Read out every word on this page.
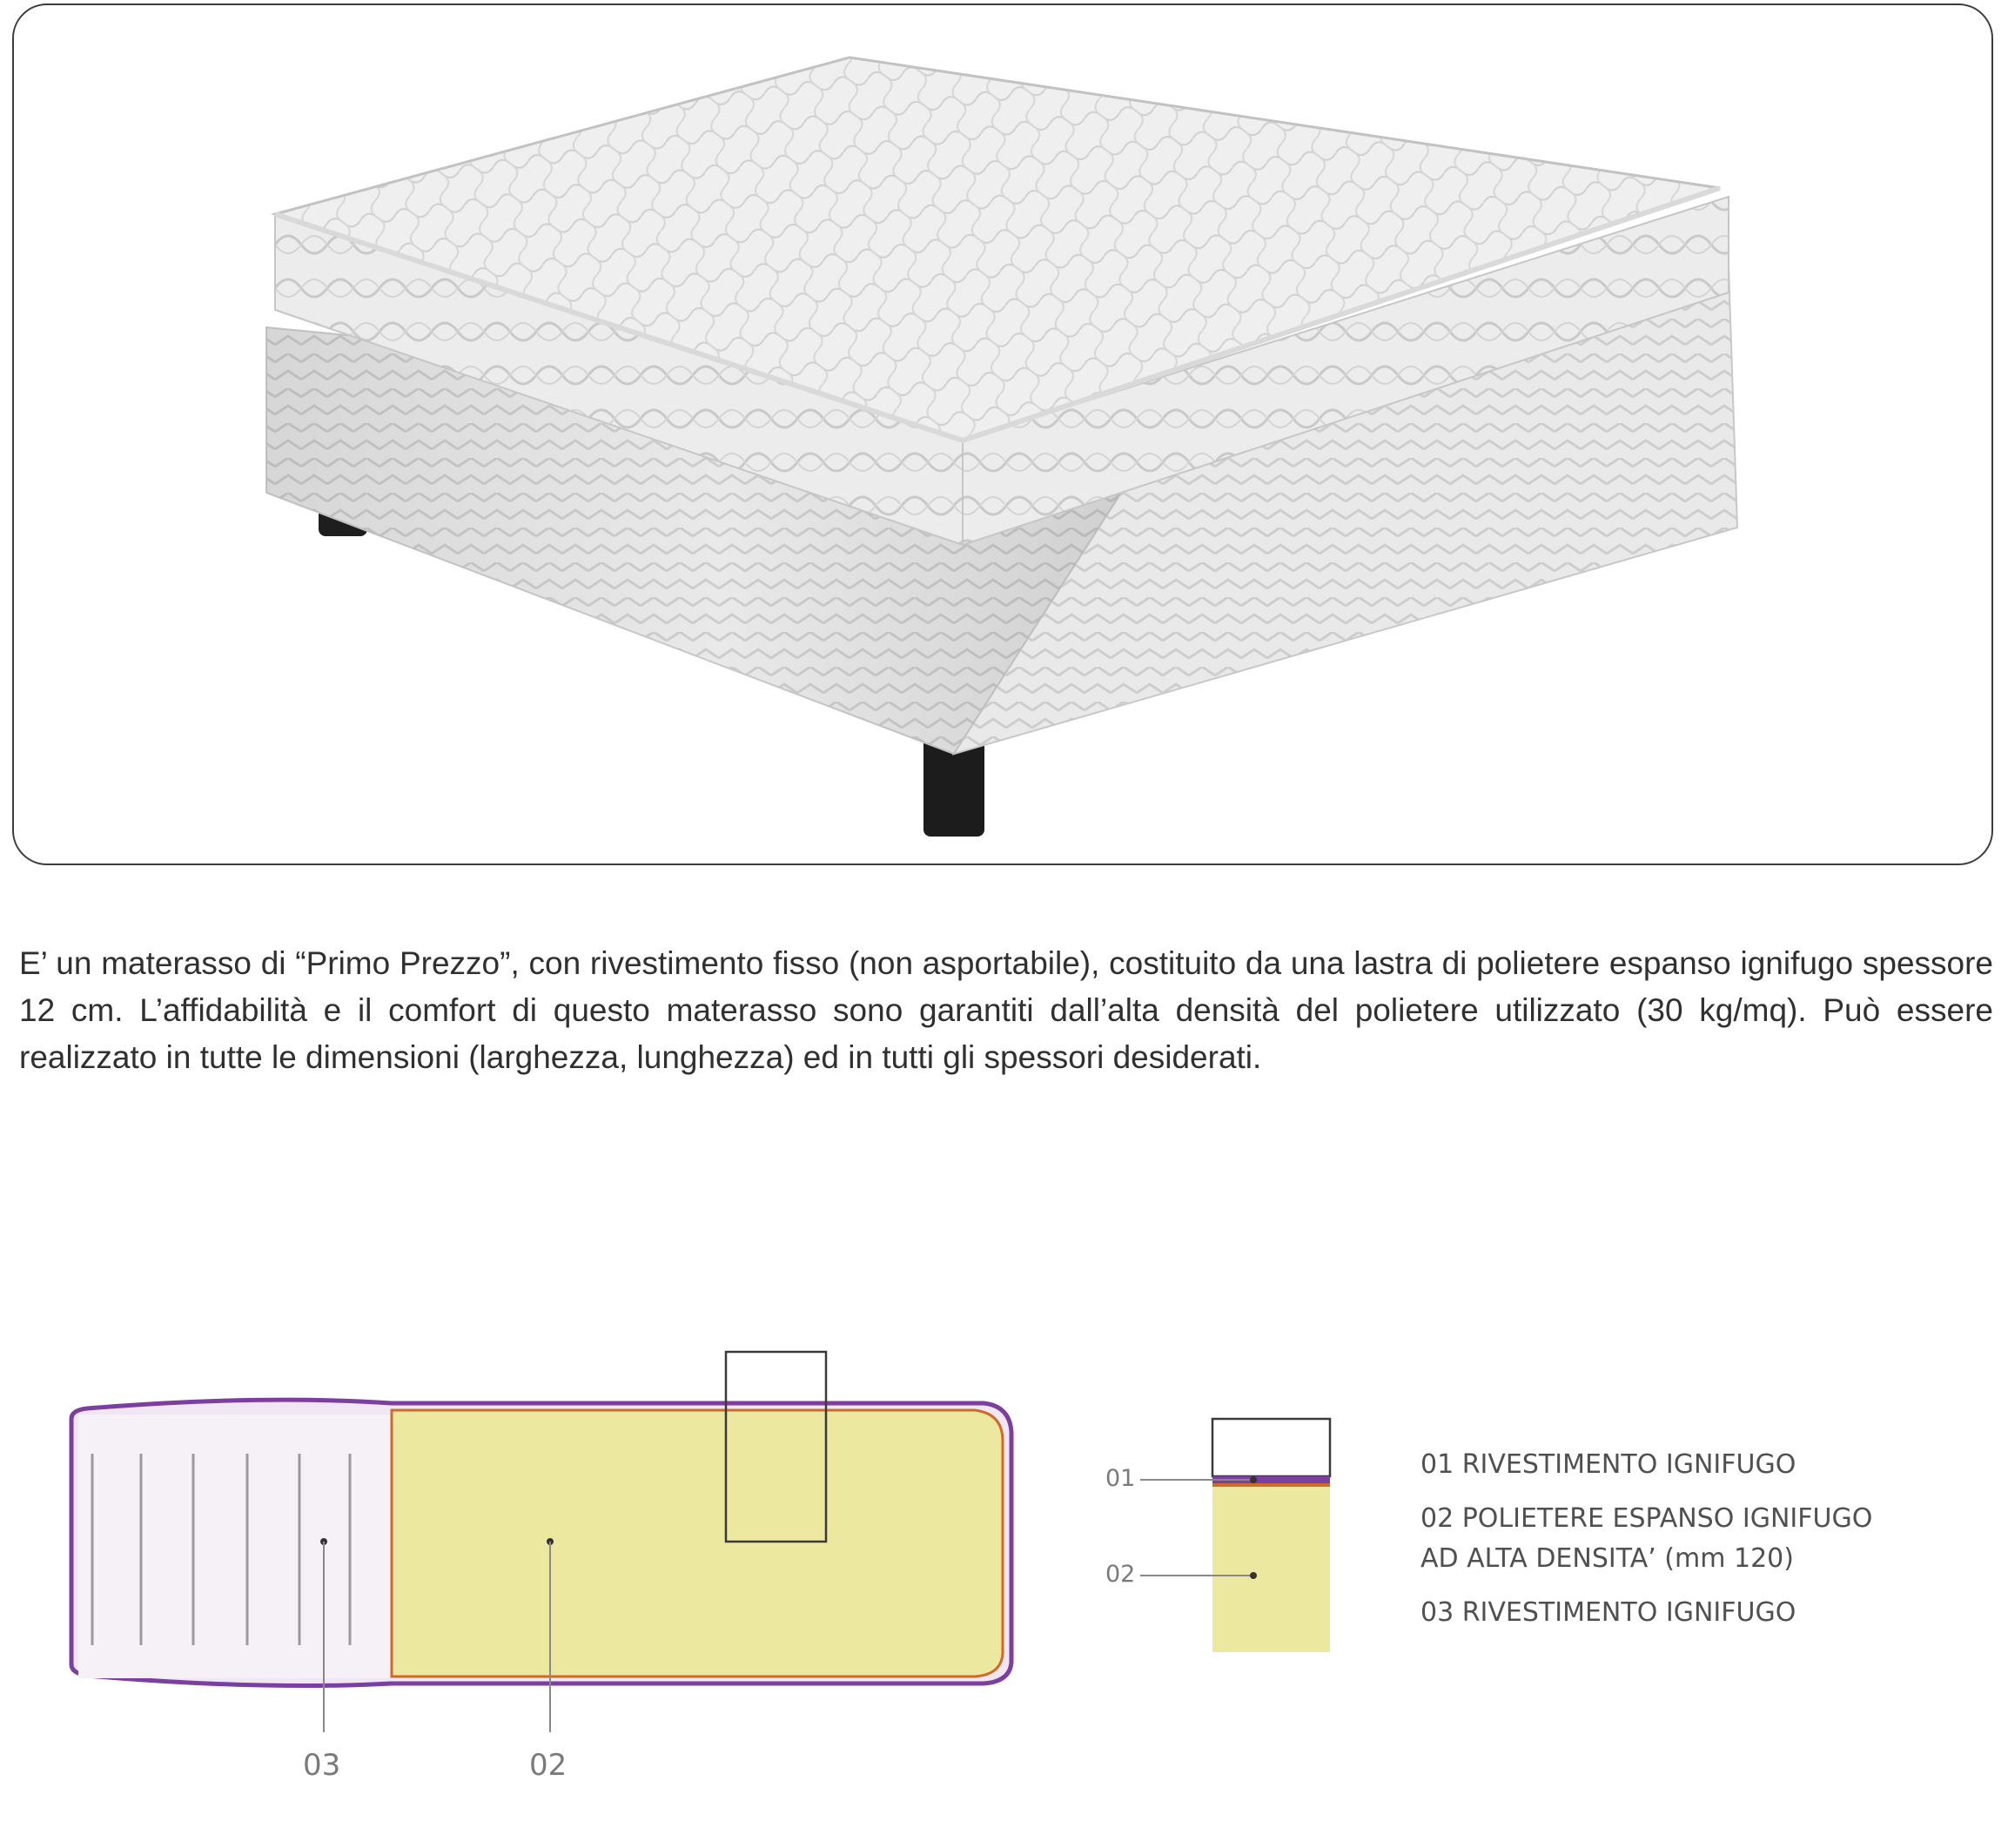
E’ un materasso di “Primo Prezzo”, con rivestimento fisso (non asportabile), costituito da una lastra di polietere espanso ignifugo spessore 12 cm. L’affidabilità e il comfort di questo materasso sono garantiti dall’alta densità del polietere utilizzato (30 kg/mq). Può essere realizzato in tutte le dimensioni (larghezza, lunghezza) ed in tutti gli spessori desiderati.

03	02
01
02
01 RIVESTIMENTO IGNIFUGO
02 POLIETERE ESPANSO IGNIFUGO
AD ALTA DENSITA’ (mm 120)
03 RIVESTIMENTO IGNIFUGO
